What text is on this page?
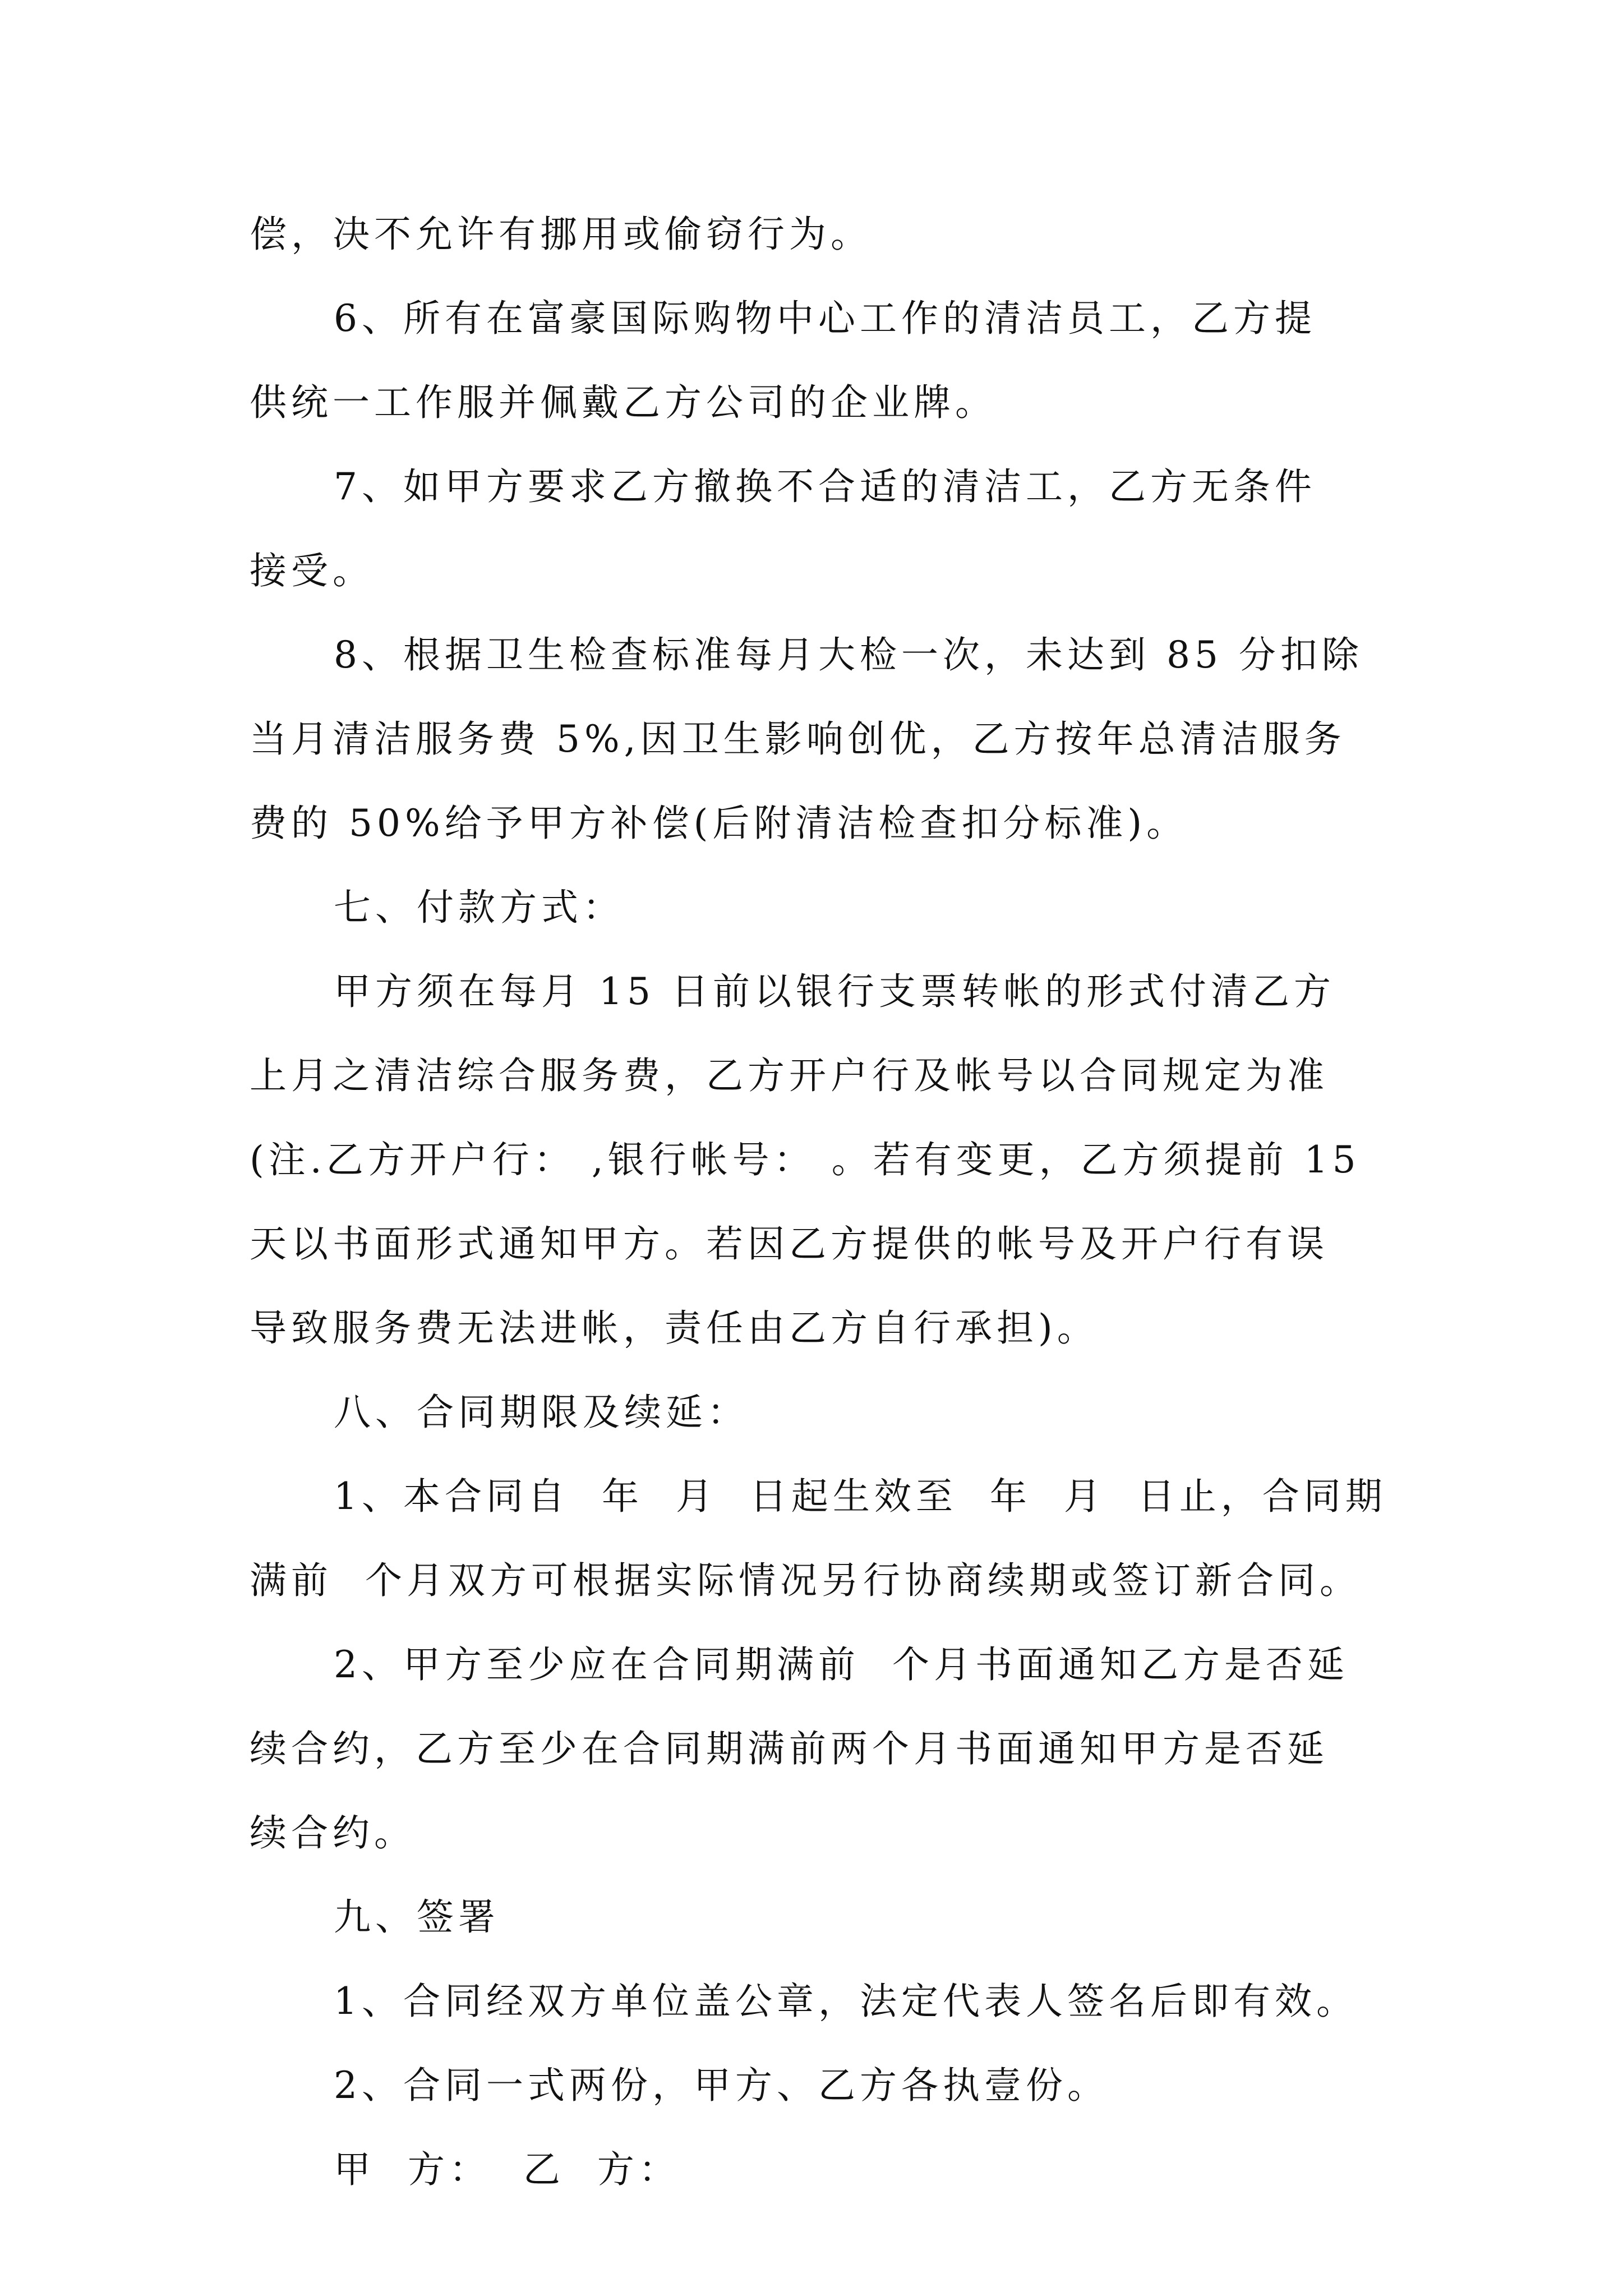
偿，决不允许有挪用或偷窃行为。
6、所有在富豪国际购物中心工作的清洁员工，乙方提
供统一工作服并佩戴乙方公司的企业牌。
7、如甲方要求乙方撤换不合适的清洁工，乙方无条件
接受。
8、根据卫生检查标准每月大检一次，未达到 85 分扣除
当月清洁服务费 5%,因卫生影响创优，乙方按年总清洁服务
费的 50%给予甲方补偿(后附清洁检查扣分标准)。
七、付款方式：
甲方须在每月 15 日前以银行支票转帐的形式付清乙方
上月之清洁综合服务费，乙方开户行及帐号以合同规定为准
(注.乙方开户行： ,银行帐号： 。若有变更，乙方须提前 15
天以书面形式通知甲方。若因乙方提供的帐号及开户行有误
导致服务费无法进帐，责任由乙方自行承担)。
八、合同期限及续延：
1、本合同自  年  月  日起生效至  年  月  日止，合同期
满前  个月双方可根据实际情况另行协商续期或签订新合同。
2、甲方至少应在合同期满前  个月书面通知乙方是否延
续合约，乙方至少在合同期满前两个月书面通知甲方是否延
续合约。
九、签署
1、合同经双方单位盖公章，法定代表人签名后即有效。
2、合同一式两份，甲方、乙方各执壹份。
甲  方：  乙  方：
